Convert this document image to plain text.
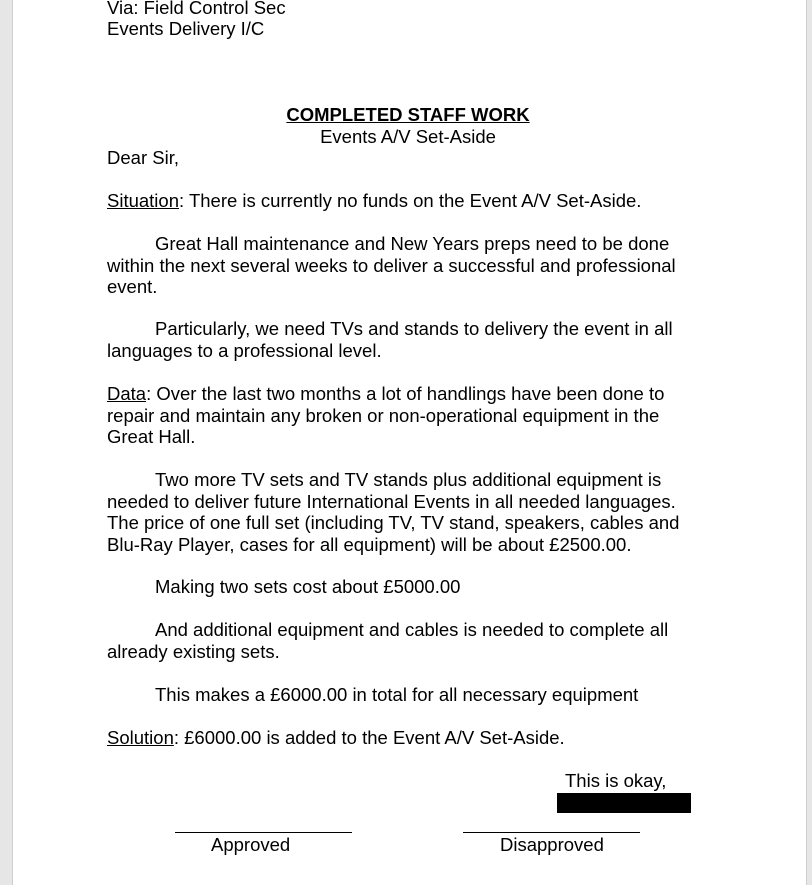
Via: Field Control Sec
Events Delivery I/C
COMPLETED STAFF WORK
Events A/V Set-Aside
Dear Sir,
Situation: There is currently no funds on the Event A/V Set-Aside.
Great Hall maintenance and New Years preps need to be done
within the next several weeks to deliver a successful and professional
event.
Particularly, we need TVs and stands to delivery the event in all
languages to a professional level.
Data: Over the last two months a lot of handlings have been done to
repair and maintain any broken or non-operational equipment in the
Great Hall.
Two more TV sets and TV stands plus additional equipment is
needed to deliver future International Events in all needed languages.
The price of one full set (including TV, TV stand, speakers, cables and
Blu-Ray Player, cases for all equipment) will be about £2500.00.
Making two sets cost about £5000.00
And additional equipment and cables is needed to complete all
already existing sets.
This makes a £6000.00 in total for all necessary equipment
Solution: £6000.00 is added to the Event A/V Set-Aside.
This is okay,
Approved	Disapproved
